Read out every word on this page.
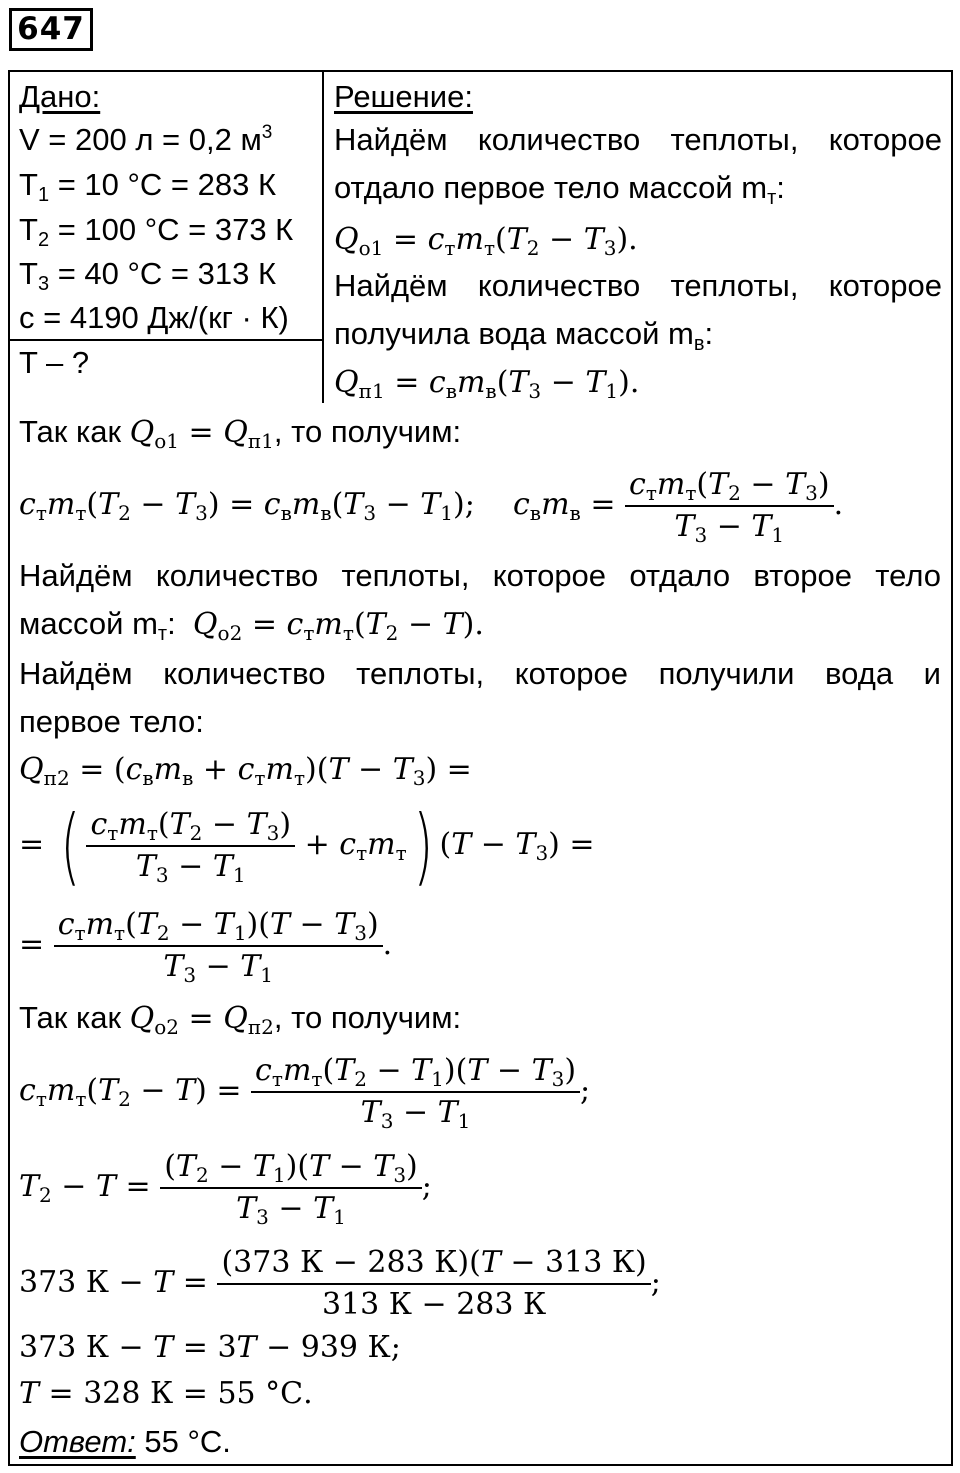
647
Дано:
V = 200 л = 0,2 $м^3$
$T_1 = 10$ °С = 283 К
$T_2 = 100$ °С = 373 К
$T_3 = 40$ °С = 313 К
c = 4190 Дж/(кг · К)
T – ?
Решение:
Найдём количество теплоты, которое
отдало первое тело массой $m_т$:
$Q_{о1} = c_тm_т(T_2 - T_3)$.
Найдём количество теплоты, которое
получила вода массой $m_в$:
$Q_{п1} = c_вm_в(T_3 - T_1)$.
Так как $Q_{о1} = Q_{п1}$, то получим:
$c_тm_т(T_2 - T_3) = c_вm_в(T_3 - T_1)$;    $c_вm_в = \frac{c_тm_т(T_2 - T_3)}{T_3 - T_1}$ .
Найдём количество теплоты, которое отдало второе тело
массой $m_т$:  $Q_{о2} = c_тm_т(T_2 - T)$.
Найдём количество теплоты, которое получили вода и
первое тело:
$Q_{п2} = (c_вm_в + c_тm_т)(T - T_3)$ =
= ( $\frac{c_тm_т(T_2 - T_3)}{T_3 - T_1} + c_тm_т$) $(T - T_3)$ =
= $\frac{c_тm_т(T_2 - T_1)(T - T_3)}{T_3 - T_1}$ .
Так как $Q_{о2} = Q_{п2}$, то получим:
$c_тm_т(T_2 - T) = \frac{c_тm_т(T_2 - T_1)(T - T_3)}{T_3 - T_1}$ ;
$T_2 - T = \frac{(T_2 - T_1)(T - T_3)}{T_3 - T_1}$ ;
373 $К - T = \frac{\text{(373 К − 283 К)(𝑇 − 313 К)}}{313 К - 283 К}$ ;
373 К − 𝑇 = 3𝑇 − 939 К;
𝑇 = 328 К = 55 °С.
Ответ: 55 °С.
